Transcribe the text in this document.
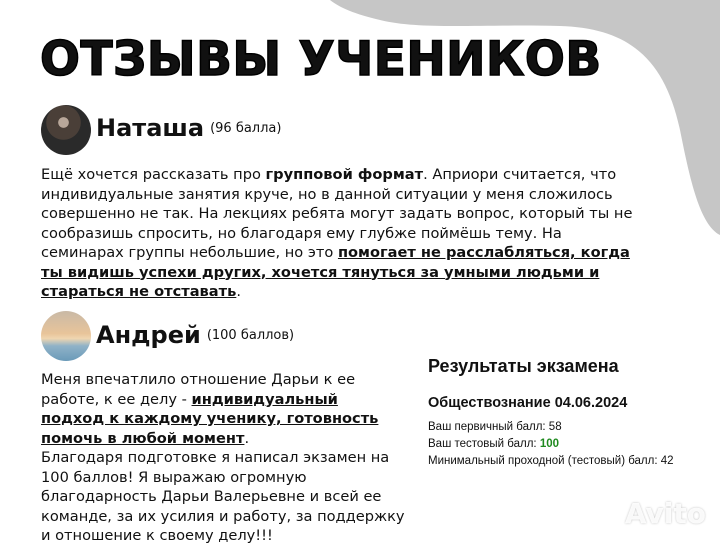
ОТЗЫВЫ УЧЕНИКОВ
Наташа (96 балла)
Ещё хочется рассказать про групповой формат. Априори считается, что индивидуальные занятия круче, но в данной ситуации у меня сложилось совершенно не так. На лекциях ребята могут задать вопрос, который ты не сообразишь спросить, но благодаря ему глубже поймёшь тему. На семинарах группы небольшие, но это помогает не расслабляться, когда ты видишь успехи других, хочется тянуться за умными людьми и стараться не отставать.
Андрей (100 баллов)
Меня впечатлило отношение Дарьи к ее работе, к ее делу - индивидуальный подход к каждому ученику, готовность помочь в любой момент.
Благодаря подготовке я написал экзамен на 100 баллов! Я выражаю огромную благодарность Дарьи Валерьевне и всей ее команде, за их усилия и работу, за поддержку и отношение к своему делу!!!
Результаты экзамена
Обществознание 04.06.2024

Ваш первичный балл: 58

Ваш тестовый балл: 100

Минимальный проходной (тестовый) балл: 42

Avito
